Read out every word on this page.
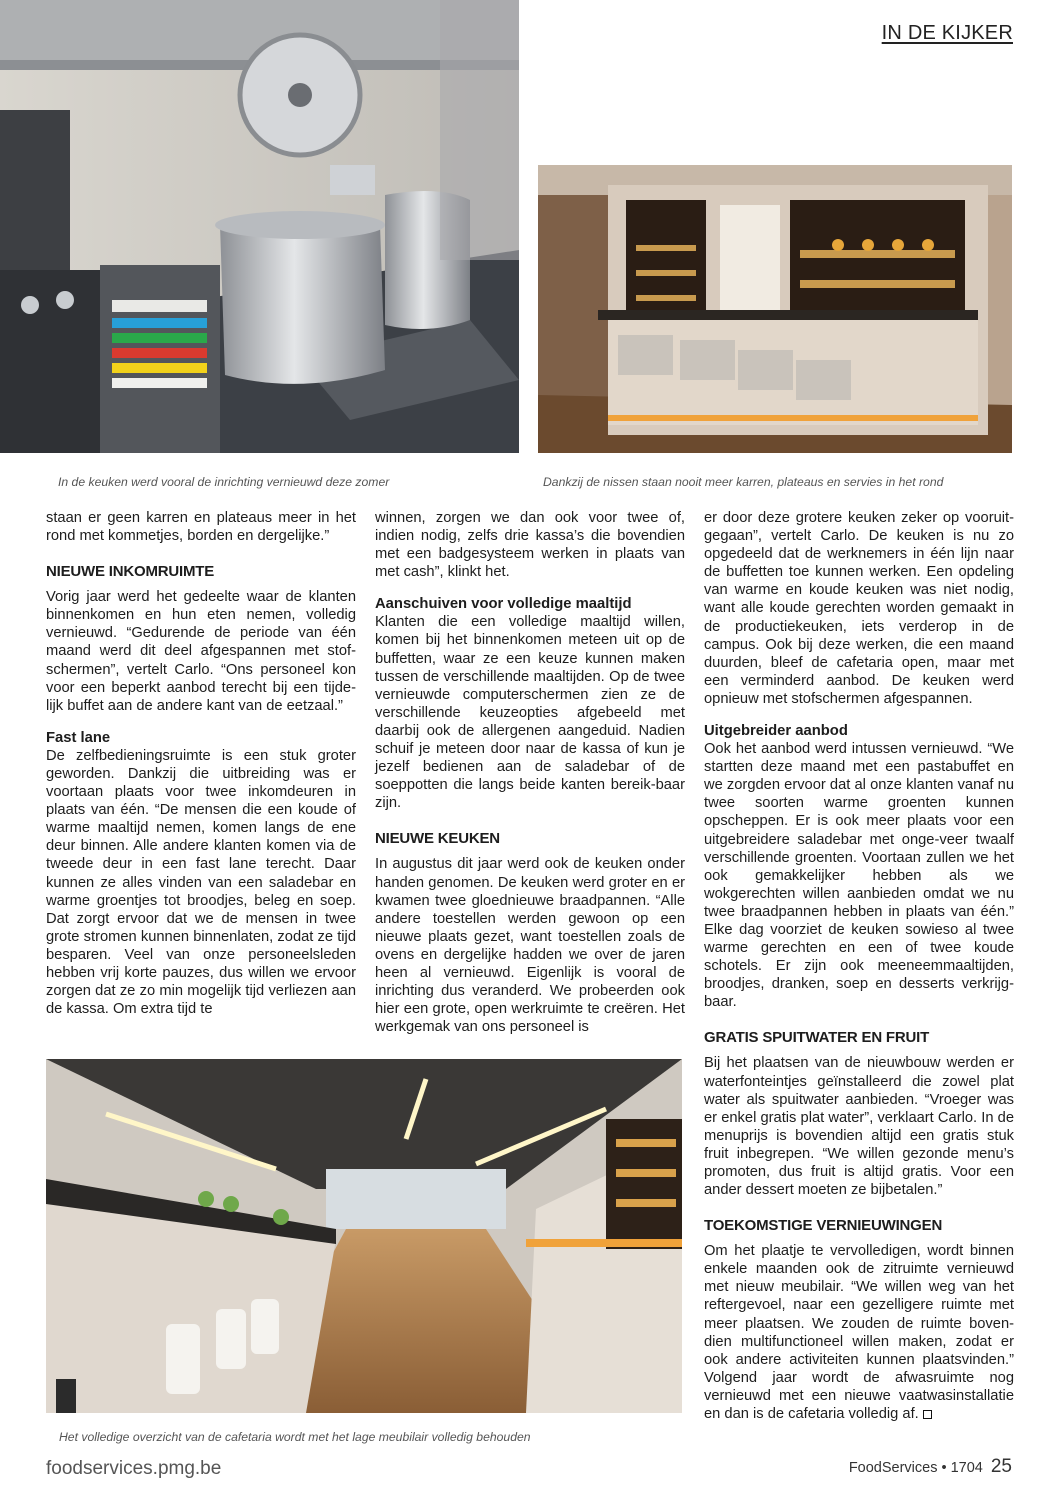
IN DE KIJKER
In de keuken werd vooral de inrichting vernieuwd deze zomer	Dankzij de nissen staan nooit meer karren, plateaus en servies in het rond

staan er geen karren en plateaus meer in het rond met kommetjes, borden en dergelijke.”

NIEUWE INKOMRUIMTE

Vorig jaar werd het gedeelte waar de klanten binnenkomen en hun eten nemen, volledig vernieuwd. “Gedurende de periode van één maand werd dit deel afgespannen met stof-schermen”, vertelt Carlo. “Ons personeel kon voor een beperkt aanbod terecht bij een tijde-lijk buffet aan de andere kant van de eetzaal.”

Fast lane

De zelfbedieningsruimte is een stuk groter geworden. Dankzij die uitbreiding was er voortaan plaats voor twee inkomdeuren in plaats van één. “De mensen die een koude of warme maaltijd nemen, komen langs de ene deur binnen. Alle andere klanten komen via de tweede deur in een fast lane terecht. Daar kunnen ze alles vinden van een saladebar en warme groentjes tot broodjes, beleg en soep. Dat zorgt ervoor dat we de mensen in twee grote stromen kunnen binnenlaten, zodat ze tijd besparen. Veel van onze personeelsleden hebben vrij korte pauzes, dus willen we ervoor zorgen dat ze zo min mogelijk tijd verliezen aan de kassa. Om extra tijd te

winnen, zorgen we dan ook voor twee of, indien nodig, zelfs drie kassa’s die bovendien met een badgesysteem werken in plaats van met cash”, klinkt het.

Aanschuiven voor volledige maaltijd

Klanten die een volledige maaltijd willen, komen bij het binnenkomen meteen uit op de buffetten, waar ze een keuze kunnen maken tussen de verschillende maaltijden. Op de twee vernieuwde computerschermen zien ze de verschillende keuzeopties afgebeeld met daarbij ook de allergenen aangeduid. Nadien schuif je meteen door naar de kassa of kun je jezelf bedienen aan de saladebar of de soeppotten die langs beide kanten bereik-baar zijn.

NIEUWE KEUKEN

In augustus dit jaar werd ook de keuken onder handen genomen. De keuken werd groter en er kwamen twee gloednieuwe braadpannen. “Alle andere toestellen werden gewoon op een nieuwe plaats gezet, want toestellen zoals de ovens en dergelijke hadden we over de jaren heen al vernieuwd. Eigenlijk is vooral de inrichting dus veranderd. We probeerden ook hier een grote, open werkruimte te creëren. Het werkgemak van ons personeel is

er door deze grotere keuken zeker op vooruit-gegaan”, vertelt Carlo. De keuken is nu zo opgedeeld dat de werknemers in één lijn naar de buffetten toe kunnen werken. Een opdeling van warme en koude keuken was niet nodig, want alle koude gerechten worden gemaakt in de productiekeuken, iets verderop in de campus. Ook bij deze werken, die een maand duurden, bleef de cafetaria open, maar met een verminderd aanbod. De keuken werd opnieuw met stofschermen afgespannen.

Uitgebreider aanbod

Ook het aanbod werd intussen vernieuwd. “We startten deze maand met een pastabuffet en we zorgden ervoor dat al onze klanten vanaf nu twee soorten warme groenten kunnen opscheppen. Er is ook meer plaats voor een uitgebreidere saladebar met onge-veer twaalf verschillende groenten. Voortaan zullen we het ook gemakkelijker hebben als we wokgerechten willen aanbieden omdat we nu twee braadpannen hebben in plaats van één.” Elke dag voorziet de keuken sowieso al twee warme gerechten en een of twee koude schotels. Er zijn ook meeneemmaaltijden, broodjes, dranken, soep en desserts verkrijg-baar.

GRATIS SPUITWATER EN FRUIT

Bij het plaatsen van de nieuwbouw werden er waterfonteintjes geïnstalleerd die zowel plat water als spuitwater aanbieden. “Vroeger was er enkel gratis plat water”, verklaart Carlo. In de menuprijs is bovendien altijd een gratis stuk fruit inbegrepen. “We willen gezonde menu’s promoten, dus fruit is altijd gratis. Voor een ander dessert moeten ze bijbetalen.”

TOEKOMSTIGE VERNIEUWINGEN

Om het plaatje te vervolledigen, wordt binnen enkele maanden ook de zitruimte vernieuwd met nieuw meubilair. “We willen weg van het reftergevoel, naar een gezelligere ruimte met meer plaatsen. We zouden de ruimte boven-dien multifunctioneel willen maken, zodat er ook andere activiteiten kunnen plaatsvinden.” Volgend jaar wordt de afwasruimte nog vernieuwd met een nieuwe vaatwasinstallatie en dan is de cafetaria volledig af.

Het volledige overzicht van de cafetaria wordt met het lage meubilair volledig behouden
foodservices.pmg.be	FoodServices • 1704 25
